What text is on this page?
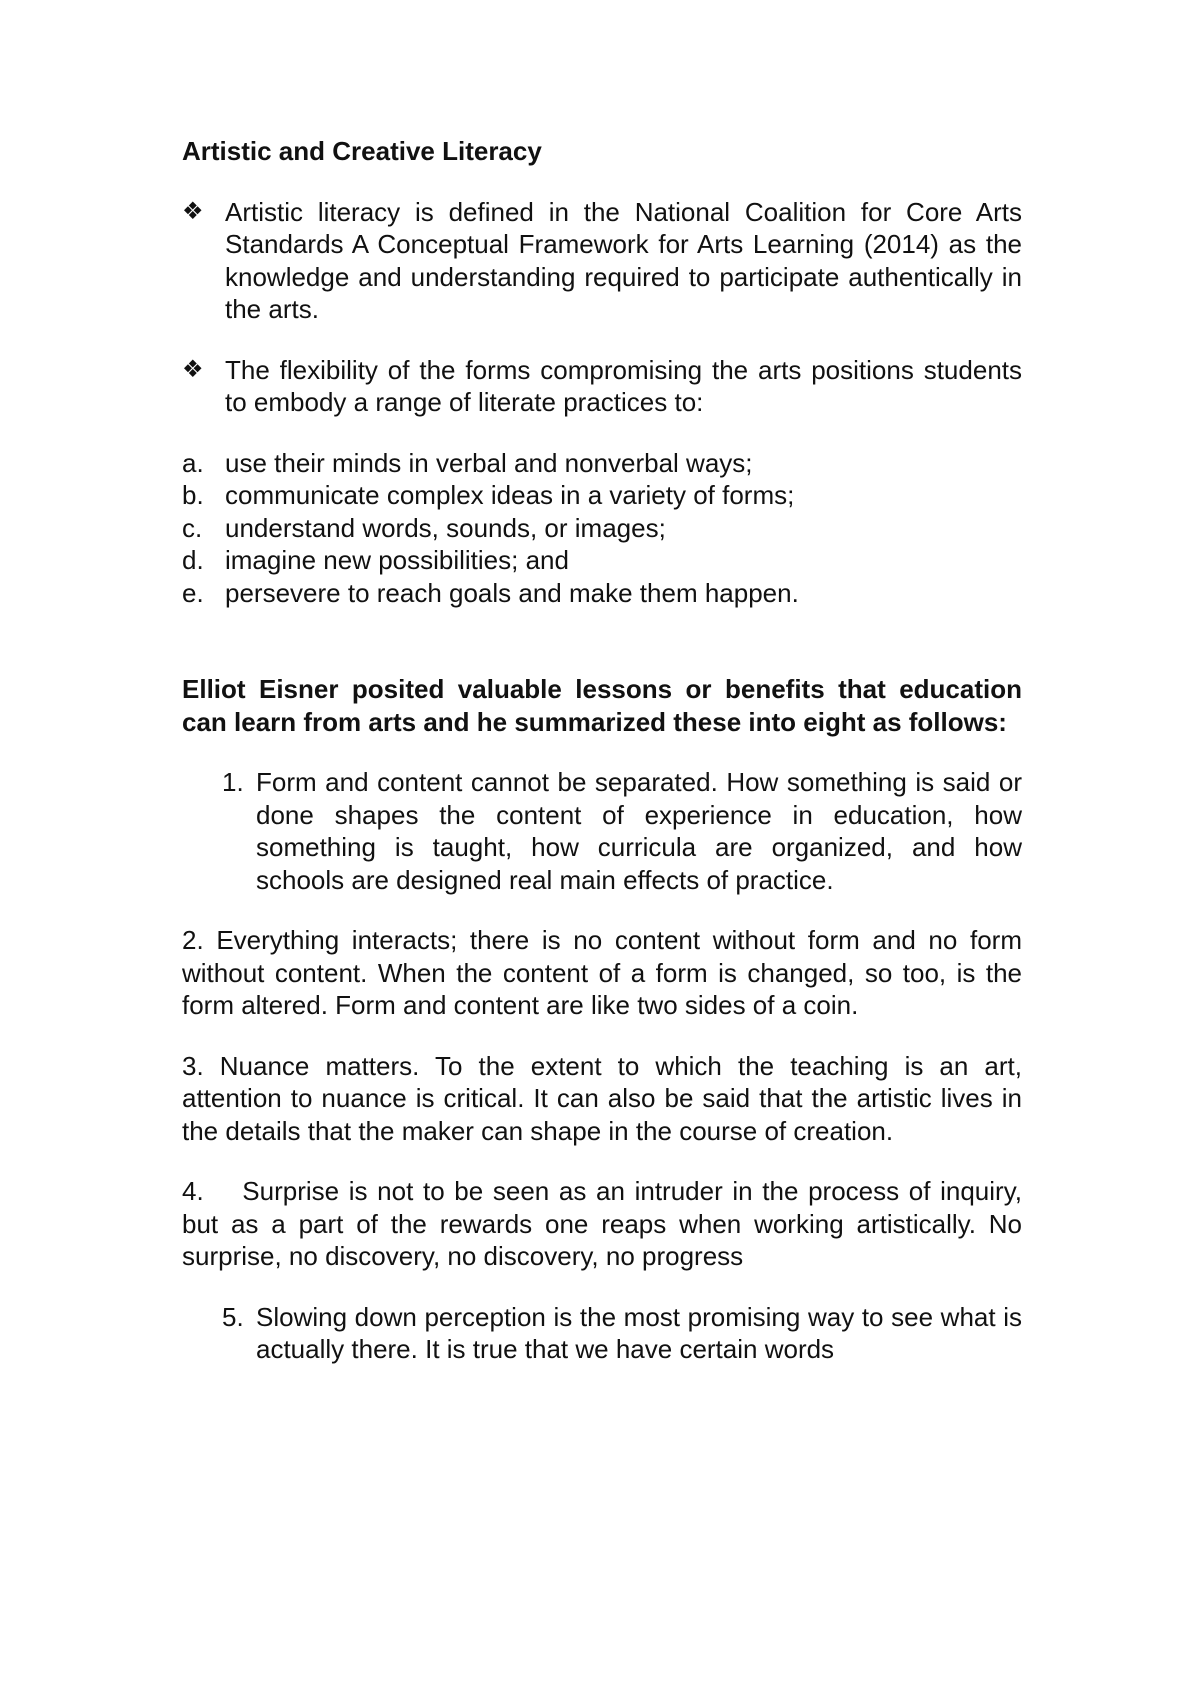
Artistic and Creative Literacy

❖ Artistic literacy is defined in the National Coalition for Core Arts Standards A Conceptual Framework for Arts Learning (2014) as the knowledge and understanding required to participate authentically in the arts.
❖ The flexibility of the forms compromising the arts positions students to embody a range of literate practices to:
a. use their minds in verbal and nonverbal ways;
b. communicate complex ideas in a variety of forms;
c. understand words, sounds, or images;
d. imagine new possibilities; and
e. persevere to reach goals and make them happen.

Elliot Eisner posited valuable lessons or benefits that education can learn from arts and he summarized these into eight as follows:

1. Form and content cannot be separated. How something is said or done shapes the content of experience in education, how something is taught, how curricula are organized, and how schools are designed real main effects of practice.

2. Everything interacts; there is no content without form and no form without content. When the content of a form is changed, so too, is the form altered. Form and content are like two sides of a coin.

3. Nuance matters. To the extent to which the teaching is an art, attention to nuance is critical. It can also be said that the artistic lives in the details that the maker can shape in the course of creation.

4.    Surprise is not to be seen as an intruder in the process of inquiry, but as a part of the rewards one reaps when working artistically. No surprise, no discovery, no discovery, no progress

5. Slowing down perception is the most promising way to see what is actually there. It is true that we have certain words
